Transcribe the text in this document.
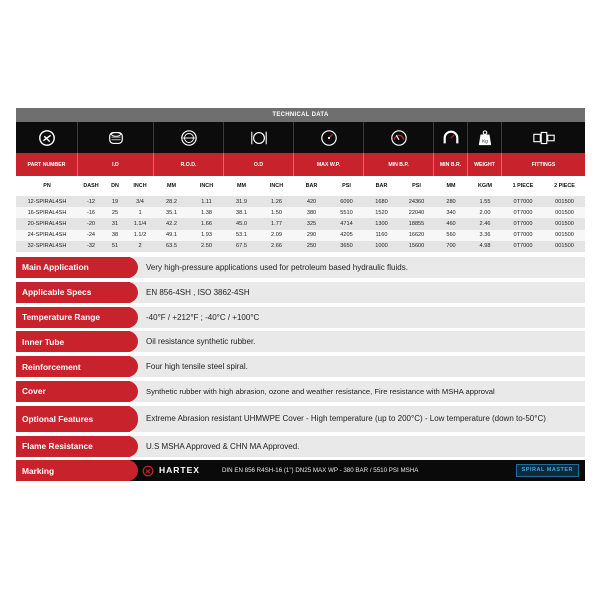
TECHNICAL DATA
Kg
PART NUMBER	I.D	R.O.D.	O.D	MAX W.P.	MIN B.P.	MIN B.R.	WEIGHT	FITTINGS
PN	DASH	DN	INCH	MM	INCH	MM	INCH	BAR	PSI	BAR	PSI	MM	KG/M	1 PIECE	2 PIECE
12-SPIRAL4SH	-12	19	3/4	28.2	1.11	31.9	1.26	420	6090	1680	24360	280	1.55	0T7000	001500
16-SPIRAL4SH	-16	25	1	35.1	1.38	38.1	1.50	380	5510	1520	22040	340	2.00	0T7000	001500
20-SPIRAL4SH	-20	31	1.1/4	42.2	1.66	45.0	1.77	325	4714	1300	18855	460	2.46	0T7000	001500
24-SPIRAL4SH	-24	38	1.1/2	49.1	1.93	53.1	2.09	290	4205	1160	16620	560	3.36	0T7000	001500
32-SPIRAL4SH	-32	51	2	63.5	2.50	67.5	2.66	250	3650	1000	15600	700	4.98	0T7000	001500
Main Application	Very high-pressure applications used for petroleum based hydraulic fluids.
Applicable Specs	EN 856-4SH , ISO 3862-4SH
Temperature Range	-40°F / +212°F ; -40°C / +100°C
Inner Tube	Oil resistance synthetic rubber.
Reinforcement	Four high tensile steel spiral.
Cover	Synthetic rubber with high abrasion, ozone and weather resistance, Fire resistance with MSHA approval
Optional Features	Extreme Abrasion resistant UHMWPE Cover - High temperature (up to 200°C) - Low temperature (down to-50°C)
Flame Resistance	U.S MSHA Approved & CHN MA Approved.
Marking	HARTEX	DIN EN 856 R4SH-16 (1") DN25 MAX WP - 380 BAR / 5510 PSI MSHA	SPIRAL MASTER
